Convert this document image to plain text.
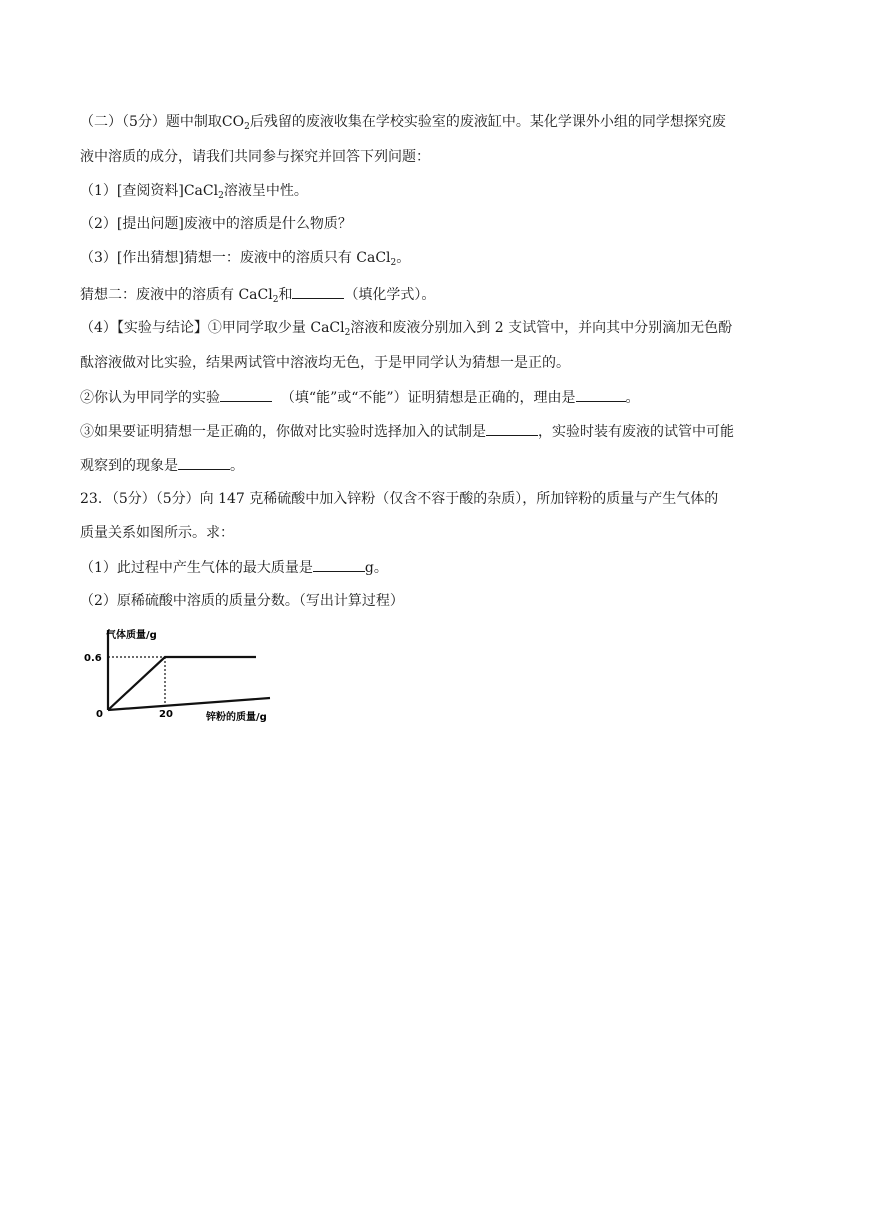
（二）（5分）题中制取$CO_2$后残留的废液收集在学校实验室的废液缸中。某化学课外小组的同学想探究废
液中溶质的成分，请我们共同参与探究并回答下列问题：
（1）[查阅资料]CaCl$_2$溶液呈中性。
（2）[提出问题]废液中的溶质是什么物质？
（3）[作出猜想]猜想一：废液中的溶质只有 CaCl$_2$。
猜想二：废液中的溶质有 CaCl$_2$和	（填化学式）。
（4）【实验与结论】①甲同学取少量 CaCl$_2$溶液和废液分别加入到 2 支试管中，并向其中分别滴加无色酚
酞溶液做对比实验，结果两试管中溶液均无色，于是甲同学认为猜想一是正的。
②你认为甲同学的实验	（填“能”或“不能”）证明猜想是正确的，理由是	。
③如果要证明猜想一是正确的，你做对比实验时选择加入的试制是	，实验时装有废液的试管中可能
观察到的现象是	。
23．（5分）（5分）向 147 克稀硫酸中加入锌粉（仅含不容于酸的杂质），所加锌粉的质量与产生气体的
质量关系如图所示。求：
（1）此过程中产生气体的最大质量是	g。
（2）原稀硫酸中溶质的质量分数。（写出计算过程）
气体质量/g
锌粉的质量/g
0.6
0	20
